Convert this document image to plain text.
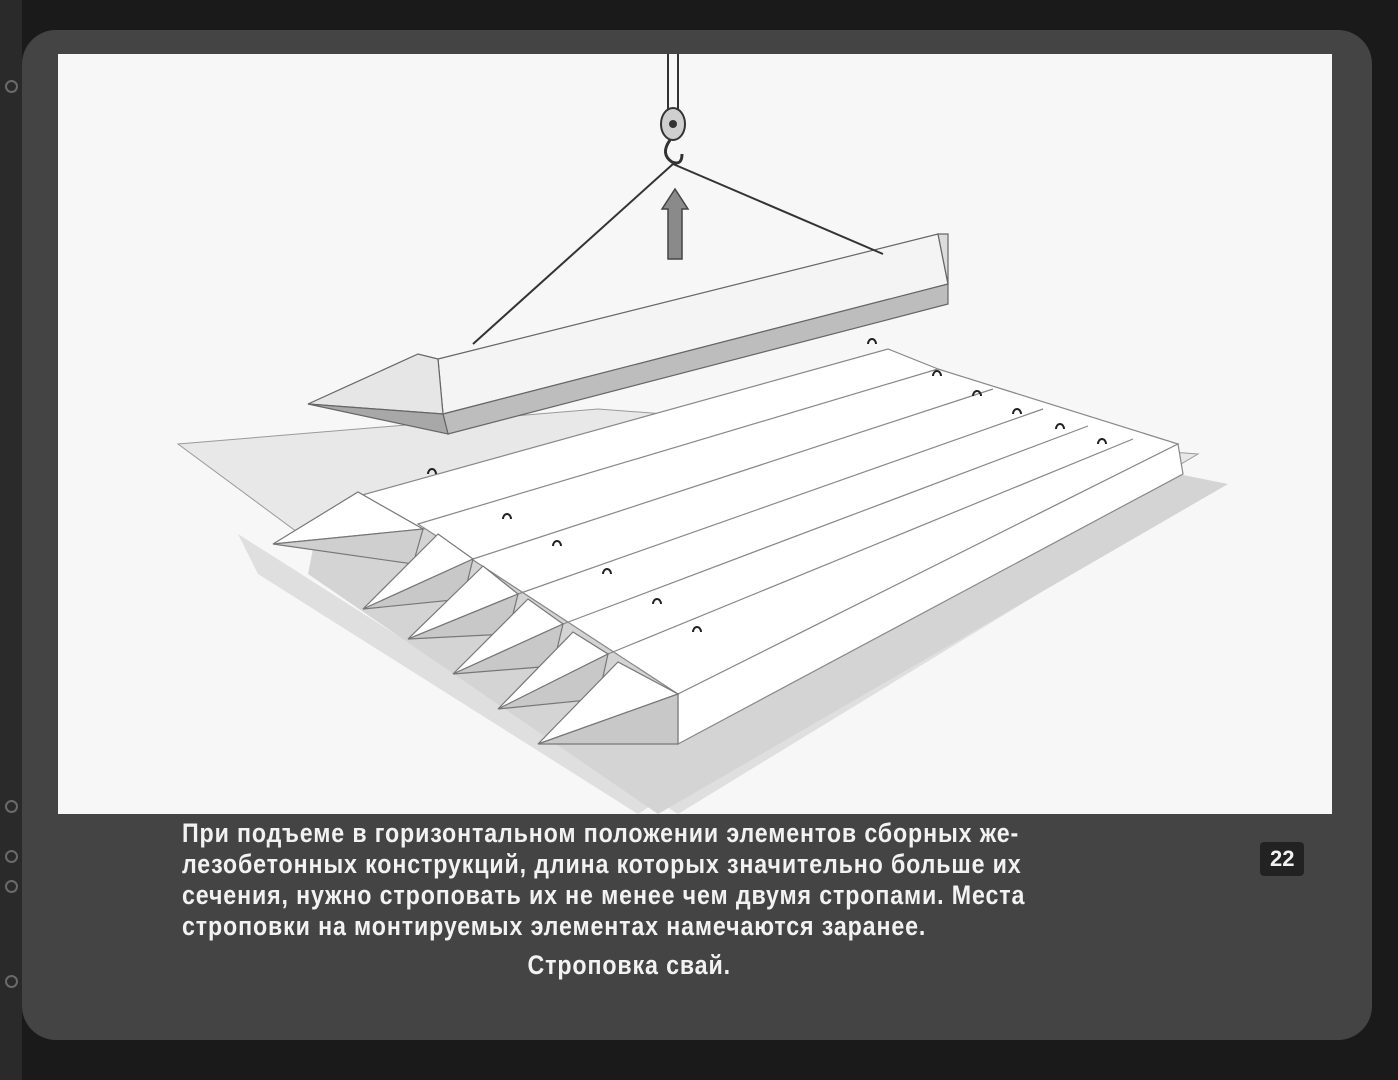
При подъеме в горизонтальном положении элементов сборных же-
лезобетонных конструкций, длина которых значительно больше их
сечения, нужно строповать их не менее чем двумя стропами. Места
строповки на монтируемых элементах намечаются заранее.
Строповка свай.
22
